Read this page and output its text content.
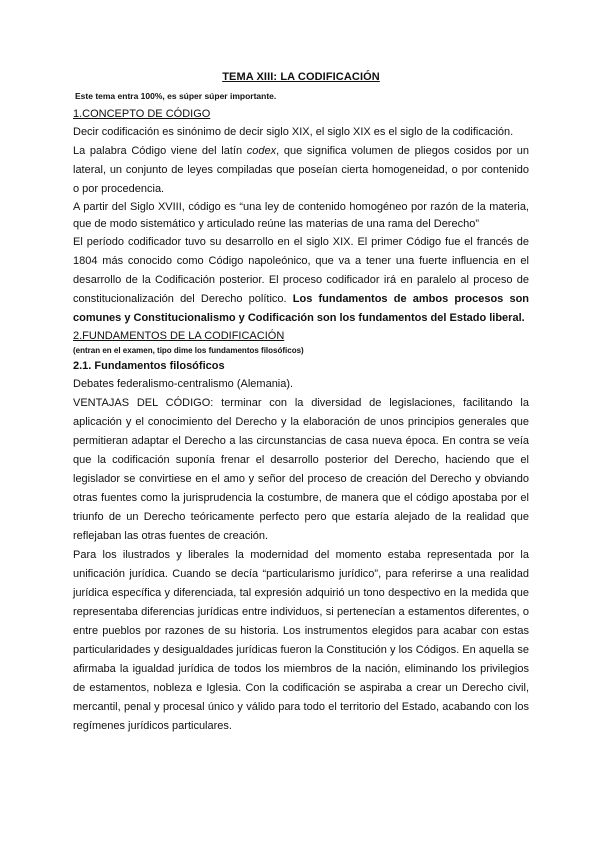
TEMA XIII: LA CODIFICACIÓN
Este tema entra 100%, es súper súper importante.
1.CONCEPTO DE CÓDIGO

Decir codificación es sinónimo de decir siglo XIX, el siglo XIX es el siglo de la codificación.

La palabra Código viene del latín codex, que significa volumen de pliegos cosidos por un lateral, un conjunto de leyes compiladas que poseían cierta homogeneidad, o por contenido o por procedencia.

A partir del Siglo XVIII, código es “una ley de contenido homogéneo por razón de la materia, que de modo sistemático y articulado reúne las materias de una rama del Derecho”

El período codificador tuvo su desarrollo en el siglo XIX. El primer Código fue el francés de 1804 más conocido como Código napoleónico, que va a tener una fuerte influencia en el desarrollo de la Codificación posterior. El proceso codificador irá en paralelo al proceso de constitucionalización del Derecho político. Los fundamentos de ambos procesos son comunes y Constitucionalismo y Codificación son los fundamentos del Estado liberal.

2.FUNDAMENTOS DE LA CODIFICACIÓN
(entran en el examen, tipo dime los fundamentos filosóficos)
2.1. Fundamentos filosóficos

Debates federalismo-centralismo (Alemania).

VENTAJAS DEL CÓDIGO: terminar con la diversidad de legislaciones, facilitando la aplicación y el conocimiento del Derecho y la elaboración de unos principios generales que permitieran adaptar el Derecho a las circunstancias de casa nueva época. En contra se veía que la codificación suponía frenar el desarrollo posterior del Derecho, haciendo que el legislador se convirtiese en el amo y señor del proceso de creación del Derecho y obviando otras fuentes como la jurisprudencia la costumbre, de manera que el código apostaba por el triunfo de un Derecho teóricamente perfecto pero que estaría alejado de la realidad que reflejaban las otras fuentes de creación.

Para los ilustrados y liberales la modernidad del momento estaba representada por la unificación jurídica. Cuando se decía “particularismo jurídico”, para referirse a una realidad jurídica específica y diferenciada, tal expresión adquirió un tono despectivo en la medida que representaba diferencias jurídicas entre individuos, si pertenecían a estamentos diferentes, o entre pueblos por razones de su historia. Los instrumentos elegidos para acabar con estas particularidades y desigualdades jurídicas fueron la Constitución y los Códigos. En aquella se afirmaba la igualdad jurídica de todos los miembros de la nación, eliminando los privilegios de estamentos, nobleza e Iglesia. Con la codificación se aspiraba a crear un Derecho civil, mercantil, penal y procesal único y válido para todo el territorio del Estado, acabando con los regímenes jurídicos particulares.
